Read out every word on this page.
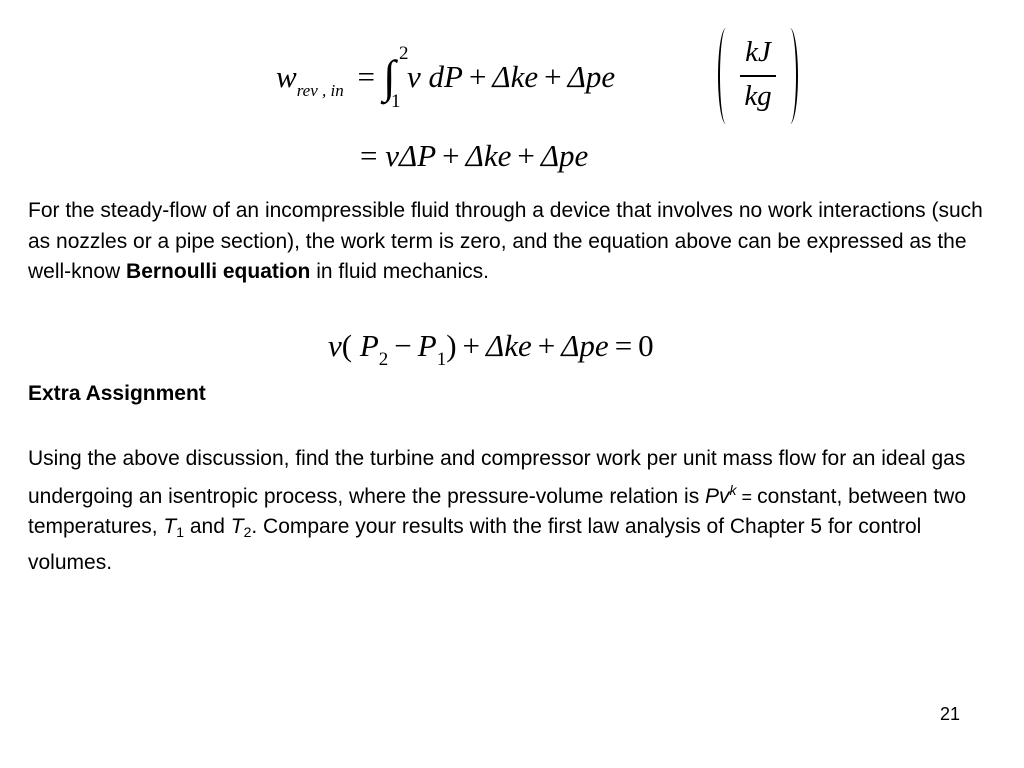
$w_{rev , in}$ = ∫ 2
1
v dP + Δke + Δpe
kJ
kg
= vΔP + Δke + Δpe

For the steady-flow of an incompressible fluid through a device that involves no work interactions (such as nozzles or a pipe section), the work term is zero, and the equation above can be expressed as the well-know Bernoulli equation in fluid mechanics.

v( $P_2 - P_1) + \Delta ke + \Delta pe = 0$

Extra Assignment

Using the above discussion, find the turbine and compressor work per unit mass flow for an ideal gas undergoing an isentropic process, where the pressure-volume relation is $Pv^k$ = constant, between two temperatures, T1 and T2. Compare your results with the first law analysis of Chapter 5 for control volumes.

21
